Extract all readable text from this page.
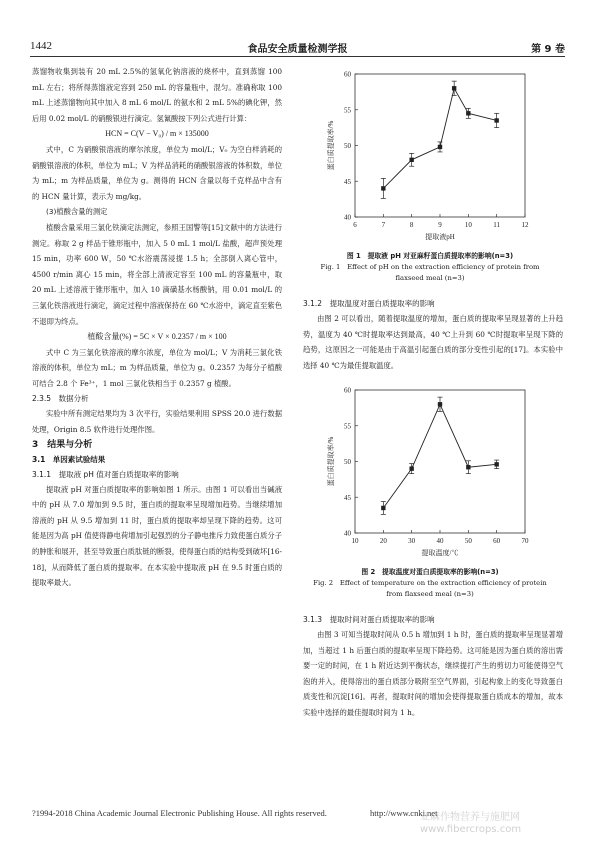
1442	食品安全质量检测学报	第 9 卷

蒸馏物收集到装有 20 mL 2.5%的氢氧化钠溶液的烧杯中，直到蒸馏 100 mL 左右；将所得蒸馏液定容到 250 mL 的容量瓶中，混匀。准确称取 100 mL 上述蒸馏物向其中加入 8 mL 6 mol/L 的氨水和 2 mL 5%的碘化钾，然后用 0.02 mol/L 的硝酸银进行滴定。氢氰酸按下列公式进行计算：

HCN = C(V − V₀) / m × 135000

式中，C 为硝酸银溶液的摩尔浓度，单位为 mol/L；V₀ 为空白样消耗的硝酸银溶液的体积，单位为 mL；V 为样品消耗的硝酸银溶液的体积数，单位为 mL；m 为样品质量，单位为 g。测得的 HCN 含量以每千克样品中含有的 HCN 量计算，表示为 mg/kg。

(3)植酸含量的测定

植酸含量采用三氯化铁滴定法测定，参照王国警等[15]文献中的方法进行测定。称取 2 g 样品于锥形瓶中，加入 5 0 mL 1 mol/L 盐酸，超声预处理 15 min，功率 600 W，50 ℃水浴震荡浸提 1.5 h；全部倒入离心管中，4500 r/min 离心 15 min，将全部上清液定容至 100 mL 的容量瓶中，取 20 mL 上述溶液于锥形瓶中，加入 10 滴磺基水杨酸钠，用 0.01 mol/L 的三氯化铁溶液进行滴定，滴定过程中溶液保持在 60 ℃水浴中，滴定直至紫色不退即为终点。

植酸含量(%) = 5C × V × 0.2357 / m × 100

式中 C 为三氯化铁溶液的摩尔浓度，单位为 mol/L；V 为消耗三氯化铁溶液的体积，单位为 mL；m 为样品质量，单位为 g。0.2357 为每分子植酸可结合 2.8 个 Fe³⁺，1 mol 三氯化铁相当于 0.2357 g 植酸。

2.3.5　数据分析

实验中所有测定结果均为 3 次平行，实验结果利用 SPSS 20.0 进行数据处理，Origin 8.5 软件进行处理作图。

3　结果与分析

3.1　单因素试验结果

3.1.1　提取液 pH 值对蛋白质提取率的影响

提取液 pH 对蛋白质提取率的影响如图 1 所示。由图 1 可以看出当碱液中的 pH 从 7.0 增加到 9.5 时，蛋白质的提取率呈现增加趋势。当继续增加溶液的 pH 从 9.5 增加到 11 时，蛋白质的提取率却呈现下降的趋势。这可能是因为高 pH 值使得静电荷增加引起强烈的分子静电推斥力致使蛋白质分子的肿胀和展开，甚至导致蛋白质肽链的断裂，使得蛋白质的结构受到破坏[16-18]，从而降低了蛋白质的提取率。在本实验中提取液 pH 在 9.5 时蛋白质的提取率最大。

6	7	8	9	10	11	12
40
45
50
55
60
提取液pH
蛋白质提取率/%
图 1　提取液 pH 对亚麻籽蛋白质提取率的影响(n=3)
Fig. 1　Effect of pH on the extraction efficiency of protein from
flaxseed meal (n=3)

3.1.2　提取温度对蛋白质提取率的影响

由图 2 可以看出，随着提取温度的增加，蛋白质的提取率呈现显著的上升趋势，温度为 40 ℃时提取率达到最高，40 ℃上升到 60 ℃时提取率呈现下降的趋势，这原因之一可能是由于高温引起蛋白质的部分变性引起的[17]。本实验中选择 40 ℃为最佳提取温度。

10	20	30	40	50	60	70
40
45
50
55
60
提取温度/℃
蛋白质提取率/%
图 2　提取温度对蛋白质提取率的影响(n=3)
Fig. 2　Effect of temperature on the extraction efficiency of protein
from flaxseed meal (n=3)

3.1.3　提取时间对蛋白质提取率的影响

由图 3 可知当提取时间从 0.5 h 增加到 1 h 时，蛋白质的提取率呈现显著增加，当超过 1 h 后蛋白质的提取率呈现下降趋势。这可能是因为蛋白质的溶出需要一定的时间，在 1 h 附近达到平衡状态，继续提打产生的剪切力可能使得空气泡的并入，使得溶出的蛋白质部分吸附至空气界面，引起构象上的变化导致蛋白质变性和沉淀[16]。再者，提取时间的增加会使得提取蛋白质成本的增加，故本实验中选择的最佳提取时间为 1 h。

?1994-2018 China Academic Journal Electronic Publishing House. All rights reserved.	http://www.cnki.net
亚麻作物营养与施肥网
www.fibercrops.com
